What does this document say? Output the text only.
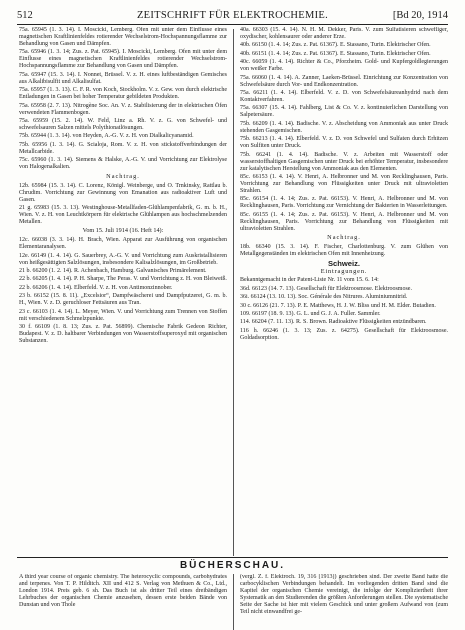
512	ZEITSCHRIFT FÜR ELEKTROCHEMIE.	[Bd 20, 1914

75a. 65945 (1. 3. 14). I. Moscicki, Lemberg. Ofen mit unter dem Einflusse eines magnetischen Kraftlinienfeldes rotierender Wechselstrom-Hochspannungsflamme zur Behandlung von Gasen und Dämpfen.

75a. 65946 (1. 3. 14; Zus. z. Pat. 65945). I. Moscicki, Lemberg. Ofen mit unter dem Einflusse eines magnetischen Kraftlinienfeldes rotierender Wechselstrom-Hochspannungsflamme zur Behandlung von Gasen und Dämpfen.

75a. 65947 (15. 3. 14). I. Nonnet, Brüssel. V. z. H. eines luftbeständigen Gemisches aus Alkalibisulfit und Alkalisulfat.

75a. 65957 (1. 3. 13). C. F. R. von Koch, Stockholm. V. z. Gew. von durch elektrische Entladungen in Gasen bei hoher Temperatur gebildeten Produkten.

75a. 65958 (2. 7. 13). Nitrogène Soc. An. V. z. Stabilisierung der in elektrischen Öfen verwendeten Flammenbogen.

75a. 65959 (15. 2. 14). W. Feld, Linz a. Rh. V. z. G. von Schwefel- und schwefelsauren Salzen mittels Polythionatlösungen.

75b. 65944 (1. 3. 14). von Heyden, A.-G. V. z. H. von Dialkalicyanamid.

75b. 65956 (1. 3. 14). G. Scialoja, Rom. V. z. H. von stickstoffverbindungen der Metallcarbide.

75c. 65960 (1. 3. 14). Siemens & Halske, A.-G. V. und Vorrichtung zur Elektrolyse von Halogenalkalien.

Nachtrag.

12b. 65984 (15. 3. 14). C. Lorenz, Königl. Weinberge, und O. Trnkinsky, Rattlau b. Chrudim. Vorrichtung zur Gewinnung von Emanation aus radioaktiver Luft und Gasen.

21 g. 65983 (15. 3. 13). Westinghouse-Metallfaden-Glühlampenfabrik, G. m. b. H., Wien. V. z. H. von Leuchtkörpern für elektrische Glühlampen aus hochschmelzenden Metallen.

Vom 15. Juli 1914 (16. Heft 14):

12c. 66038 (3. 3. 14). H. Brach, Wien. Apparat zur Ausführung von organischen Elementaranalysen.

12e. 66149 (1. 4. 14). G. Sauerbrey, A.-G. V. und Vorrichtung zum Auskristallisieren von heißgesättigten Salzlösungen, insbesondere Kalisalzlösungen, im Großbetrieb.

21 b. 66200 (1. 2. 14). R. Achenbach, Hamburg. Galvanisches Primärelement.

22 b. 66205 (1. 4. 14). P. H. Sharpe, The Peras. V. und Vorrichtung z. H. von Bleiweiß.

22 b. 66206 (1. 4. 14). Elberfeld. V. z. H. von Antimonzinnober.

23 b. 66152 (15. 8. 11). „Excelsior“, Dampfwäscherei und Dampfputzerei, G. m. b. H., Wien. V. z. D. geruchloser Fettsäuren aus Tran.

23 c. 66103 (1. 4. 14). L. Meyer, Wien. V. und Vorrichtung zum Trennen von Stoffen mit verschiedenem Schmelzpunkte.

30 f. 66109 (1. 8. 13; Zus. z. Pat. 56899). Chemische Fabrik Gedeon Richter, Budapest. V. z. D. haltbarer Verbindungen von Wasserstoffsuperoxyd mit organischen Substanzen.

40a. 66303 (15. 4. 14). N. H. M. Dekker, Paris. V. zum Sulfatisieren schwefliger, oxydischer, kohlensaurer oder anderer Erze.

40b. 66150 (1. 4. 14; Zus. z. Pat. 61367). E. Stassano, Turin. Elektrischer Ofen.

40b. 66151 (1. 4. 14; Zus. z. Pat. 61367). E. Stassano, Turin. Elektrischer Ofen.

40c. 66059 (1. 4. 14). Richter & Co., Pforzheim. Gold- und Kupfergoldlegierungen von weißer Farbe.

75a. 66060 (1. 4. 14). A. Zanner, Laeken-Brüssel. Einrichtung zur Konzentration von Schwefelsäure durch Vor- und Endkonzentration.

75a. 66211 (1. 4. 14). Elberfeld. V. z. D. von Schwefelsäureanhydrid nach dem Kontaktverfahren.

75a. 66307 (15. 4. 14). Fahlberg, List & Co. V. z. kontinuierlichen Darstellung von Salpetersäure.

75b. 66209 (1. 4. 14). Badische. V. z. Abscheidung von Ammoniak aus unter Druck stehenden Gasgemischen.

75b. 66213 (1. 4. 14). Elberfeld. V. z. D. von Schwefel und Sulfaten durch Erhitzen von Sulfiten unter Druck.

75b. 66241 (1. 4. 14). Badische. V. z. Arbeiten mit Wasserstoff oder wasserstoffhaltigen Gasgemischen unter Druck bei erhöhter Temperatur, insbesondere zur katalytischen Herstellung von Ammoniak aus den Elementen.

85c. 66153 (1. 4. 14). V. Henri, A. Helbronner und M. von Recklinghausen, Paris. Vorrichtung zur Behandlung von Flüssigkeiten unter Druck mit ultravioletten Strahlen.

85c. 66154 (1. 4. 14; Zus. z. Pat. 66153). V. Henri, A. Helbronner und M. von Recklinghausen, Paris. Vorrichtung zur Vernichtung der Bakterien in Wasserleitungen.

85c. 66155 (1. 4. 14; Zus. z. Pat. 66153). V. Henri, A. Helbronner und M. von Recklinghausen, Paris. Vorrichtung zur Behandlung von Flüssigkeiten mit ultravioletten Strahlen.

Nachtrag.

18b. 66340 (15. 3. 14). F. Fischer, Charlottenburg. V. zum Glühen von Metallgegenständen im elektrischen Ofen mit Innenheizung.

Schweiz.
Eintragungen.

Bekanntgemacht in der Patent-Liste Nr. 11 vom 15. 6. 14:

36d. 66123 (14. 7. 13). Gesellschaft für Elektroosmose. Elektroosmose.

36i. 66124 (13. 10. 13). Soc. Générale des Nitrures. Aluminiumnitrid.

30 c. 66126 (21. 7. 13). P. E. Matthews, H. J. W. Bliss und H. M. Elder. Butadien.

109. 66197 (18. 9. 13). G. L. und G. J. A. Fuller. Sammler.

114. 66204 (7. 11. 13). R. S. Brown. Radioaktive Flüssigkeiten entzündbaren.

116 h. 66246 (1. 3. 13; Zus. z. 64275). Gesellschaft für Elektroosmose. Goldadsorption.

BÜCHERSCHAU.
A third year course of organic chemistry. The heterocyclic compounds, carbohydrates and terpenes. Von T. P. Hilditch. XII und 412 S. Verlag von Methuen & Co., Ltd., London 1914. Preis geb. 6 sh. Das Buch ist als dritter Teil eines dreibändigen Lehrbuches der organischen Chemie anzusehen, dessen erste beiden Bände von Dunstan und von Thole
(vergl. Z. f. Elektroch. 19, 316 [1913]) geschrieben sind. Der zweite Band hatte die carbocyklischen Verbindungen behandelt. Im vorliegenden dritten Band sind die Kapitel der organischen Chemie vereinigt, die infolge der Kompliziertheit ihrer Systematik an den Studierenden die größten Anforderungen stellen. Die systematische Seite der Sache ist hier mit vielem Geschick und unter großem Aufwand von (zum Teil nicht einwandfrei ge-
